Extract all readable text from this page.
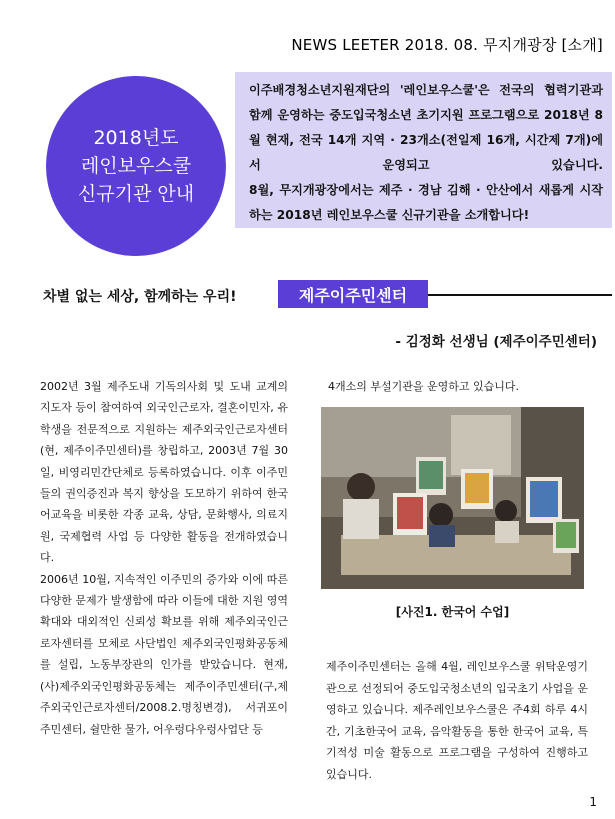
NEWS LEETER 2018. 08. 무지개광장 [소개]
2018년도
레인보우스쿨
신규기관 안내

이주배경청소년지원재단의 '레인보우스쿨'은 전국의 협력기관과 함께 운영하는 중도입국청소년 초기지원 프로그램으로 2018년 8월 현재, 전국 14개 지역 · 23개소(전일제 16개, 시간제 7개)에서 운영되고 있습니다.

8월, 무지개광장에서는 제주 · 경남 김해 · 안산에서 새롭게 시작하는 2018년 레인보우스쿨 신규기관을 소개합니다!

차별 없는 세상, 함께하는 우리!	제주이주민센터
- 김정화 선생님 (제주이주민센터)

2002년 3월 제주도내 기독의사회 및 도내 교계의 지도자 등이 참여하여 외국인근로자, 결혼이민자, 유학생을 전문적으로 지원하는 제주외국인근로자센터(현, 제주이주민센터)를 창립하고, 2003년 7월 30일, 비영리민간단체로 등록하였습니다. 이후 이주민들의 권익증진과 복지 향상을 도모하기 위하여 한국어교육을 비롯한 각종 교육, 상담, 문화행사, 의료지원, 국제협력 사업 등 다양한 활동을 전개하였습니다.

2006년 10월, 지속적인 이주민의 증가와 이에 따른 다양한 문제가 발생함에 따라 이들에 대한 지원 영역 확대와 대외적인 신뢰성 확보를 위해 제주외국인근로자센터를 모체로 사단법인 제주외국인평화공동체를 설립, 노동부장관의 인가를 받았습니다. 현재, (사)제주외국인평화공동체는 제주이주민센터(구,제주외국인근로자센터/2008.2.명칭변경), 서귀포이주민센터, 쉴만한 물가, 어우렁다우렁사업단 등

4개소의 부설기관을 운영하고 있습니다.
[사진1. 한국어 수업]

제주이주민센터는 올해 4월, 레인보우스쿨 위탁운영기관으로 선정되어 중도입국청소년의 입국초기 사업을 운영하고 있습니다. 제주레인보우스쿨은 주4회 하루 4시간, 기초한국어 교육, 음악활동을 통한 한국어 교육, 특기적성 미술 활동으로 프로그램을 구성하여 진행하고 있습니다.

1
